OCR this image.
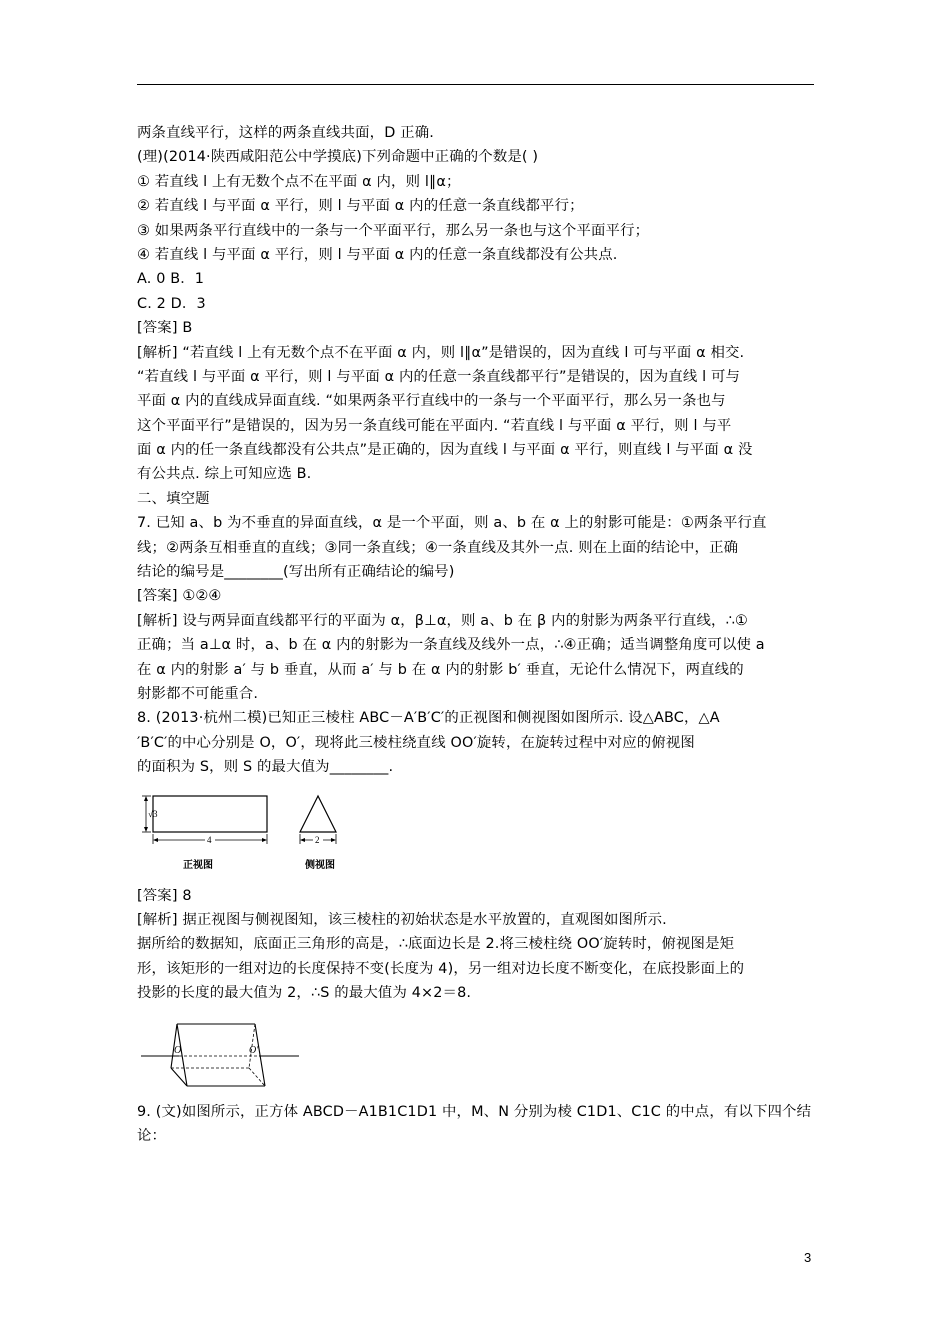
两条直线平行，这样的两条直线共面，D 正确.
(理)(2014·陕西咸阳范公中学摸底)下列命题中正确的个数是( )
① 若直线 l 上有无数个点不在平面 α 内，则 l∥α；
② 若直线 l 与平面 α 平行，则 l 与平面 α 内的任意一条直线都平行；
③ 如果两条平行直线中的一条与一个平面平行，那么另一条也与这个平面平行；
④ 若直线 l 与平面 α 平行，则 l 与平面 α 内的任意一条直线都没有公共点.
A. 0 B．1
C. 2 D．3
[答案] B
[解析] “若直线 l 上有无数个点不在平面 α 内，则 l∥α”是错误的，因为直线 l 可与平面 α 相交.
“若直线 l 与平面 α 平行，则 l 与平面 α 内的任意一条直线都平行”是错误的，因为直线 l 可与
平面 α 内的直线成异面直线. “如果两条平行直线中的一条与一个平面平行，那么另一条也与
这个平面平行”是错误的，因为另一条直线可能在平面内. “若直线 l 与平面 α 平行，则 l 与平
面 α 内的任一条直线都没有公共点”是正确的，因为直线 l 与平面 α 平行，则直线 l 与平面 α 没
有公共点. 综上可知应选 B.
二、填空题
7. 已知 a、b 为不垂直的异面直线，α 是一个平面，则 a、b 在 α 上的射影可能是：①两条平行直
线；②两条互相垂直的直线；③同一条直线；④一条直线及其外一点. 则在上面的结论中，正确
结论的编号是________(写出所有正确结论的编号)
[答案] ①②④
[解析] 设与两异面直线都平行的平面为 α，β⊥α，则 a、b 在 β 内的射影为两条平行直线，∴①
正确；当 a⊥α 时，a、b 在 α 内的射影为一条直线及线外一点，∴④正确；适当调整角度可以使 a
在 α 内的射影 a′ 与 b 垂直，从而 a′ 与 b 在 α 内的射影 b′ 垂直，无论什么情况下，两直线的
射影都不可能重合.
8. (2013·杭州二模)已知正三棱柱 ABC－A′B′C′的正视图和侧视图如图所示. 设△ABC，△A
′B′C′的中心分别是 O，O′，现将此三棱柱绕直线 OO′旋转，在旋转过程中对应的俯视图
的面积为 S，则 S 的最大值为________.
√3
4	2
正视图	侧视图
[答案] 8
[解析] 据正视图与侧视图知，该三棱柱的初始状态是水平放置的，直观图如图所示.
据所给的数据知，底面正三角形的高是，∴底面边长是 2.将三棱柱绕 OO′旋转时，俯视图是矩
形，该矩形的一组对边的长度保持不变(长度为 4)，另一组对边长度不断变化，在底投影面上的
投影的长度的最大值为 2，∴S 的最大值为 4×2＝8.
O	O′
9. (文)如图所示，正方体 ABCD－A1B1C1D1 中，M、N 分别为棱 C1D1、C1C 的中点，有以下四个结
论：
3
